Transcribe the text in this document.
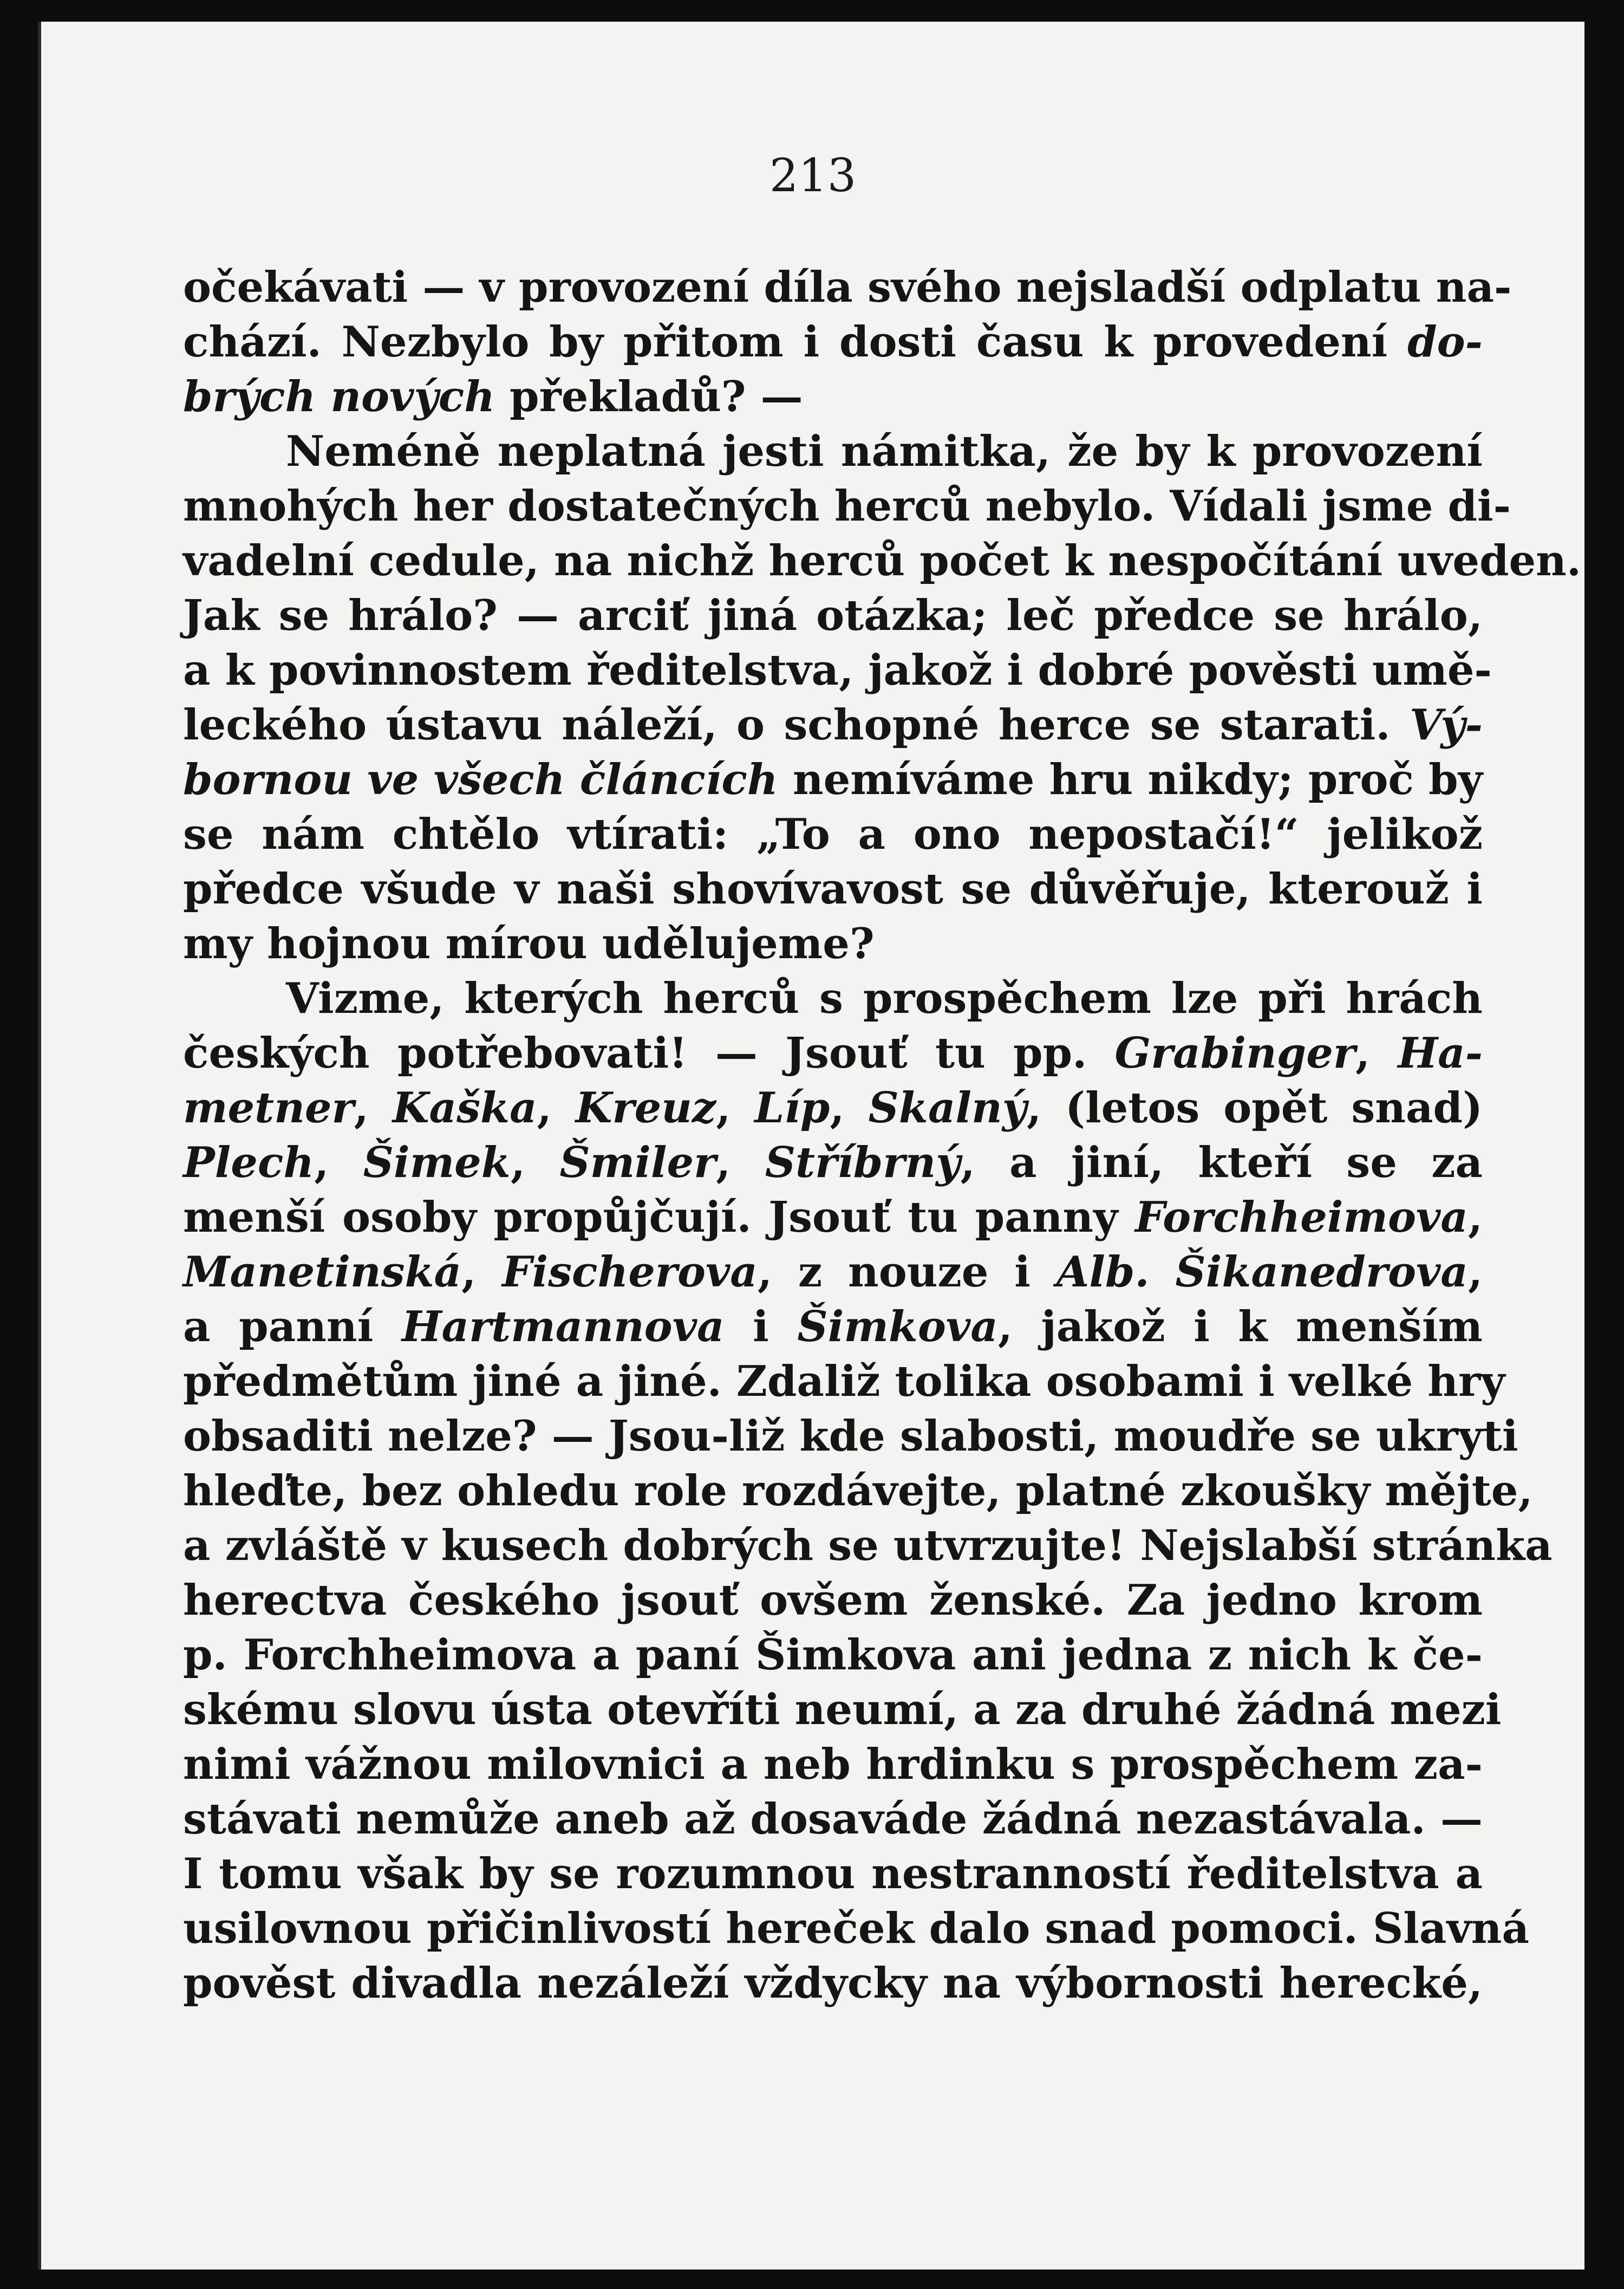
213
očekávati — v provození díla svého nejsladší odplatu na-
chází. Nezbylo by přitom i dosti času k provedení do-
brých nových překladů? —
Neméně neplatná jesti námitka, že by k provození
mnohých her dostatečných herců nebylo. Vídali jsme di-
vadelní cedule, na nichž herců počet k nespočítání uveden.
Jak se hrálo? — arciť jiná otázka; leč předce se hrálo,
a k povinnostem ředitelstva, jakož i dobré pověsti umě-
leckého ústavu náleží, o schopné herce se starati. Vý-
bornou ve všech článcích nemíváme hru nikdy; proč by
se nám chtělo vtírati: „To a ono nepostačí!“ jelikož
předce všude v naši shovívavost se důvěřuje, kterouž i
my hojnou mírou udělujeme?
Vizme, kterých herců s prospěchem lze při hrách
českých potřebovati! — Jsouť tu pp. Grabinger, Ha-
metner, Kaška, Kreuz, Líp, Skalný, (letos opět snad)
Plech, Šimek, Šmiler, Stříbrný, a jiní, kteří se za
menší osoby propůjčují. Jsouť tu panny Forchheimova,
Manetinská, Fischerova, z nouze i Alb. Šikanedrova,
a panní Hartmannova i Šimkova, jakož i k menším
předmětům jiné a jiné. Zdaliž tolika osobami i velké hry
obsaditi nelze? — Jsou-liž kde slabosti, moudře se ukryti
hleďte, bez ohledu role rozdávejte, platné zkoušky mějte,
a zvláště v kusech dobrých se utvrzujte! Nejslabší stránka
herectva českého jsouť ovšem ženské. Za jedno krom
p. Forchheimova a paní Šimkova ani jedna z nich k če-
skému slovu ústa otevříti neumí, a za druhé žádná mezi
nimi vážnou milovnici a neb hrdinku s prospěchem za-
stávati nemůže aneb až dosaváde žádná nezastávala. —
I tomu však by se rozumnou nestranností ředitelstva a
usilovnou přičinlivostí hereček dalo snad pomoci. Slavná
pověst divadla nezáleží vždycky na výbornosti herecké,
